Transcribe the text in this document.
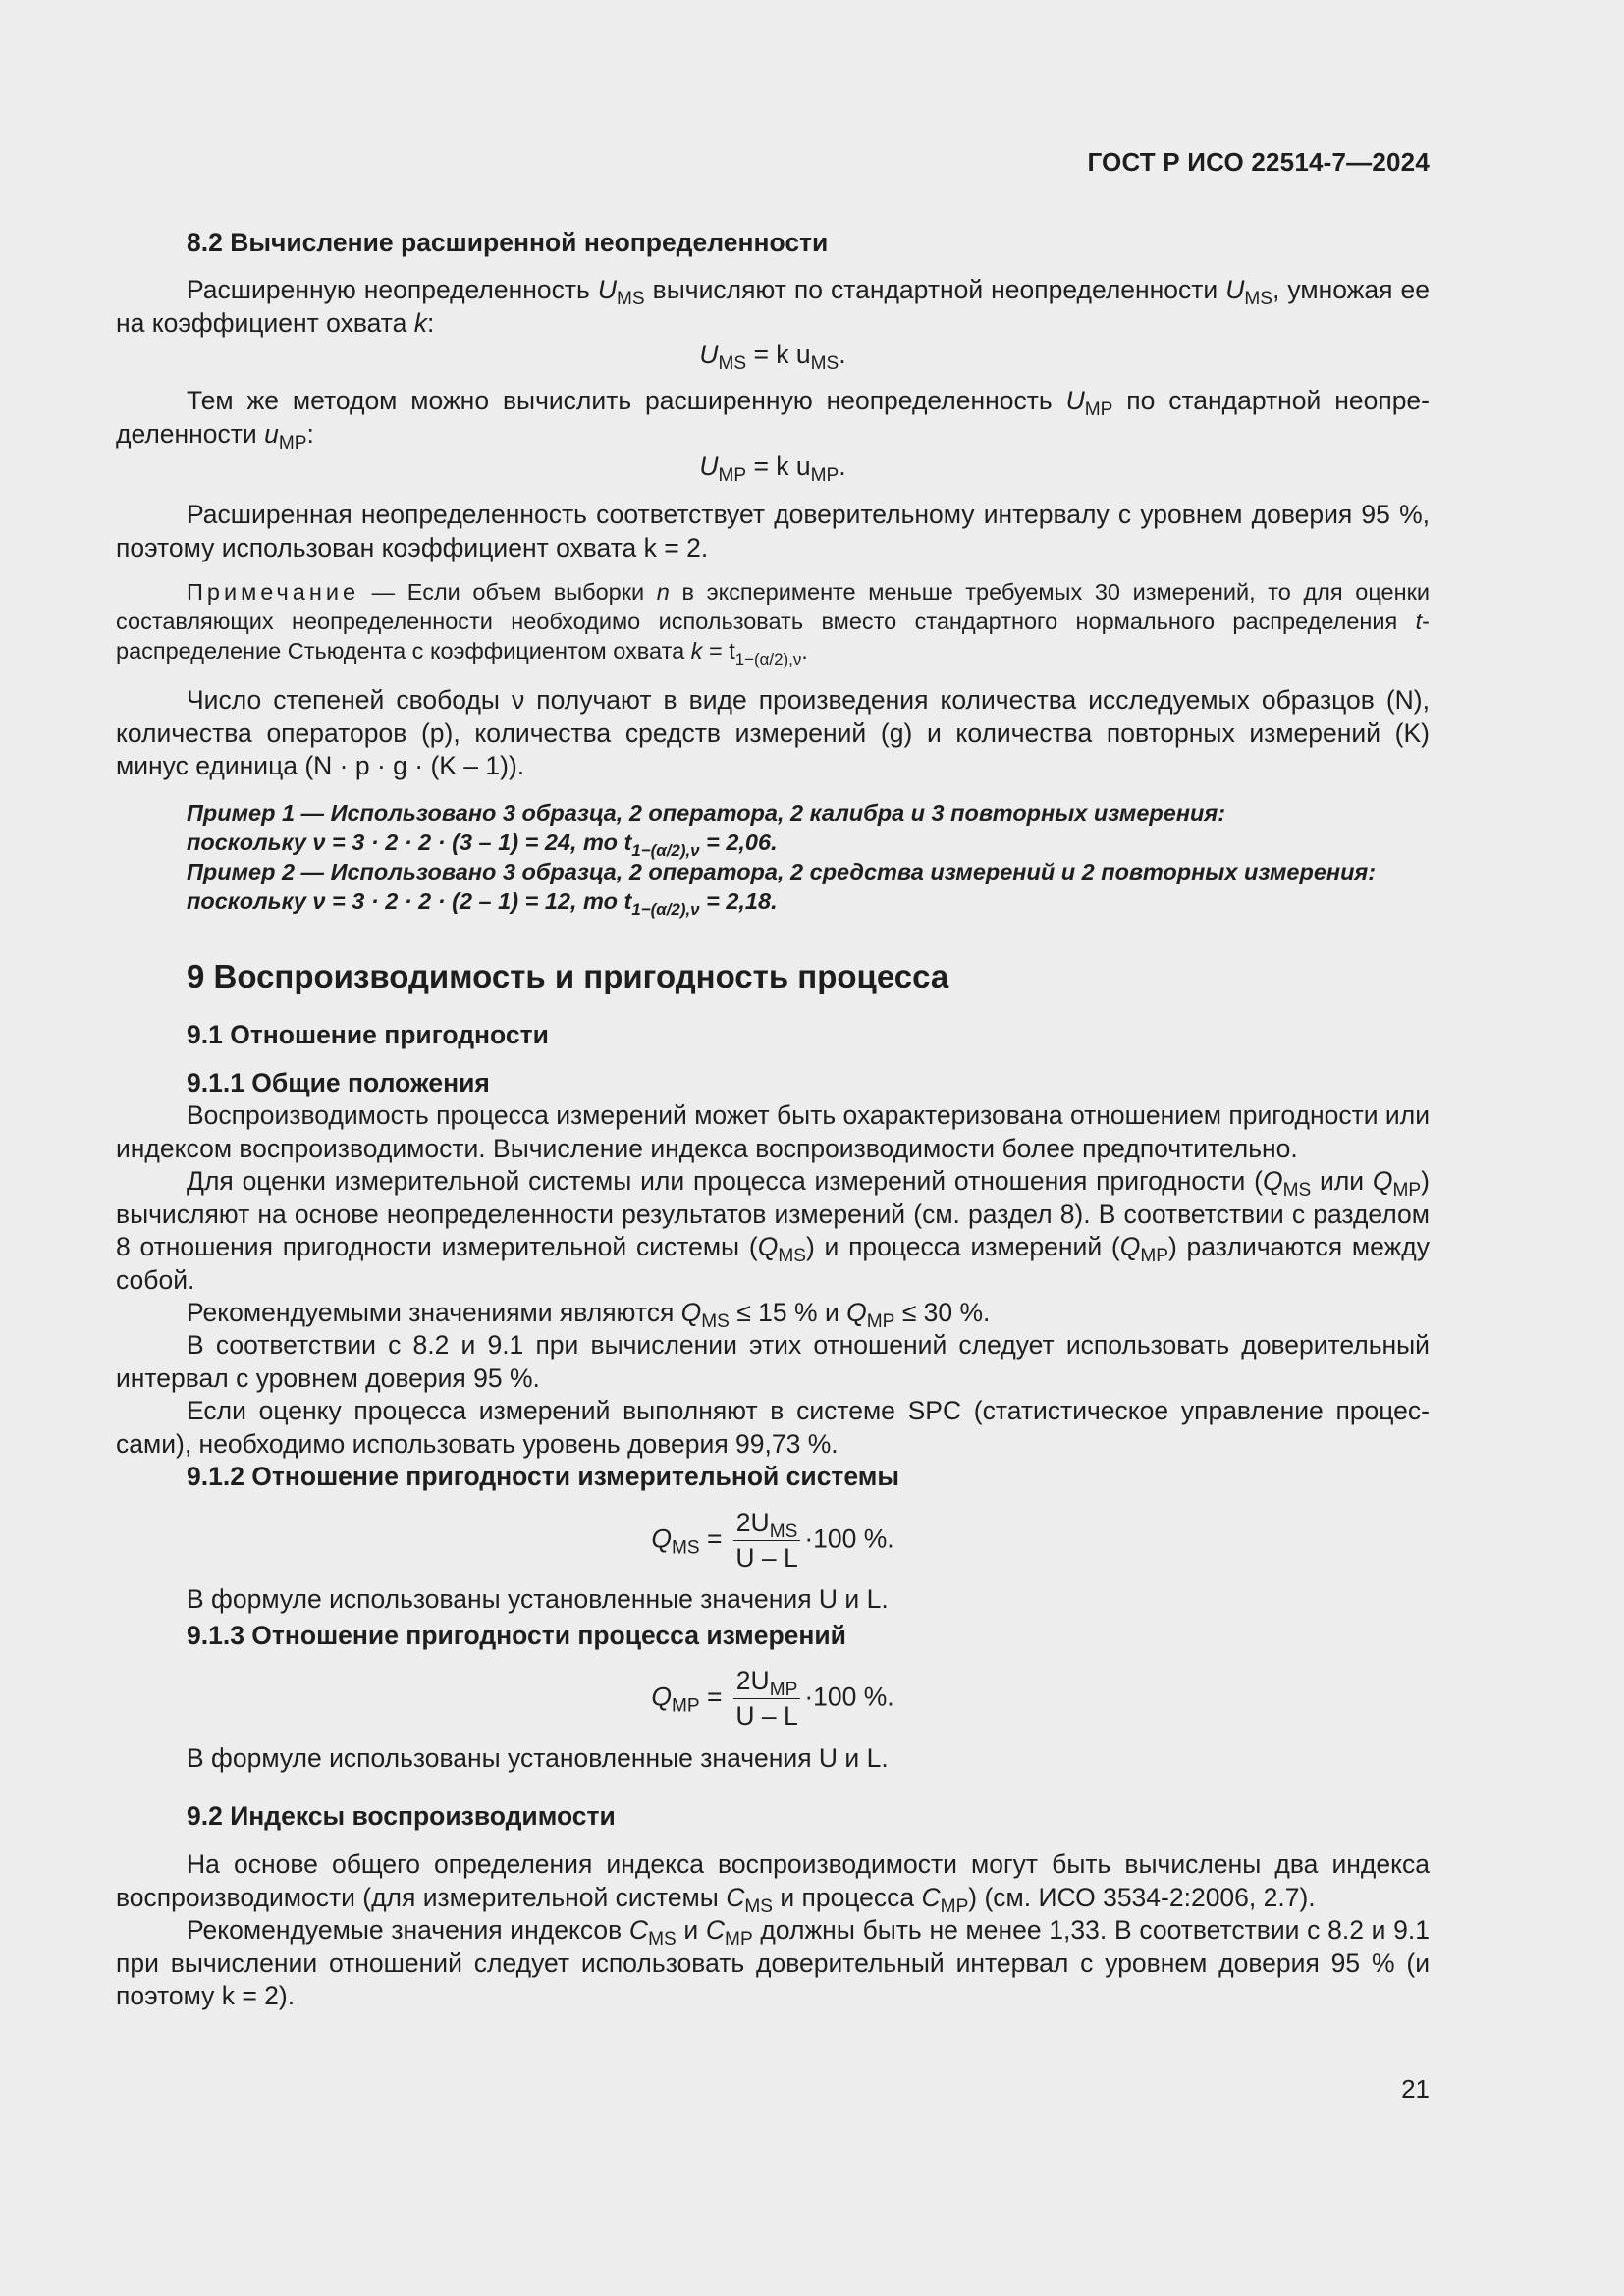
ГОСТ Р ИСО 22514-7—2024
8.2 Вычисление расширенной неопределенности
Расширенную неопределенность $U_{MS}$ вычисляют по стандартной неопределенности $U_{MS}$, умножая ее на коэффициент охвата k:
$U_{MS} = k$ $u_{MS}$.
Тем же методом можно вычислить расширенную неопределенность $U_{MP}$ по стандартной неопределенности $u_{MP}$:
$U_{MP} = k$ $u_{MP}$.
Расширенная неопределенность соответствует доверительному интервалу с уровнем доверия 95 %, поэтому использован коэффициент охвата k = 2.
Примечание — Если объем выборки n в эксперименте меньше требуемых 30 измерений, то для оценки составляющих неопределенности необходимо использовать вместо стандартного нормального распределения t-распределение Стьюдента с коэффициентом охвата $k = t_{1-(\alpha/2),\nu}$.
Число степеней свободы ν получают в виде произведения количества исследуемых образцов (N), количества операторов (p), количества средств измерений (g) и количества повторных измерений (K) минус единица (N · p · g · (K – 1)).
Пример 1 — Использовано 3 образца, 2 оператора, 2 калибра и 3 повторных измерения:
поскольку ν = 3 · 2 · 2 · (3 – 1) = 24, то $t_{1-(\alpha/2),\nu} = 2,06$.
Пример 2 — Использовано 3 образца, 2 оператора, 2 средства измерений и 2 повторных измерения:
поскольку ν = 3 · 2 · 2 · (2 – 1) = 12, то $t_{1-(\alpha/2),\nu} = 2,18$.
9 Воспроизводимость и пригодность процесса
9.1 Отношение пригодности
9.1.1 Общие положения
Воспроизводимость процесса измерений может быть охарактеризована отношением пригодности или индексом воспроизводимости. Вычисление индекса воспроизводимости более предпочтительно.
Для оценки измерительной системы или процесса измерений отношения пригодности ($Q_{MS}$ или $Q_{MP}$) вычисляют на основе неопределенности результатов измерений (см. раздел 8). В соответствии с разделом 8 отношения пригодности измерительной системы $(Q_{MS})$ и процесса измерений $(Q_{MP})$ различаются между собой.
Рекомендуемыми значениями являются $Q_{MS} \le 15$ % и $Q_{MP} \le 30$ %.
В соответствии с 8.2 и 9.1 при вычислении этих отношений следует использовать доверительный интервал с уровнем доверия 95 %.
Если оценку процесса измерений выполняют в системе SPC (статистическое управление процессами), необходимо использовать уровень доверия 99,73 %.
9.1.2 Отношение пригодности измерительной системы
$Q_{MS} = \frac{2U_{MS}}{U - L} \cdot 100$ %.
В формуле использованы установленные значения U и L.
9.1.3 Отношение пригодности процесса измерений
$Q_{MP} = \frac{2U_{MP}}{U - L} \cdot 100$ %.
В формуле использованы установленные значения U и L.
9.2 Индексы воспроизводимости
На основе общего определения индекса воспроизводимости могут быть вычислены два индекса воспроизводимости (для измерительной системы $C_{MS}$ и процесса $C_{MP}$) (см. ИСО 3534-2:2006, 2.7).
Рекомендуемые значения индексов $C_{MS}$ и $C_{MP}$ должны быть не менее 1,33. В соответствии с 8.2 и 9.1 при вычислении отношений следует использовать доверительный интервал с уровнем доверия 95 % (и поэтому k = 2).
21
